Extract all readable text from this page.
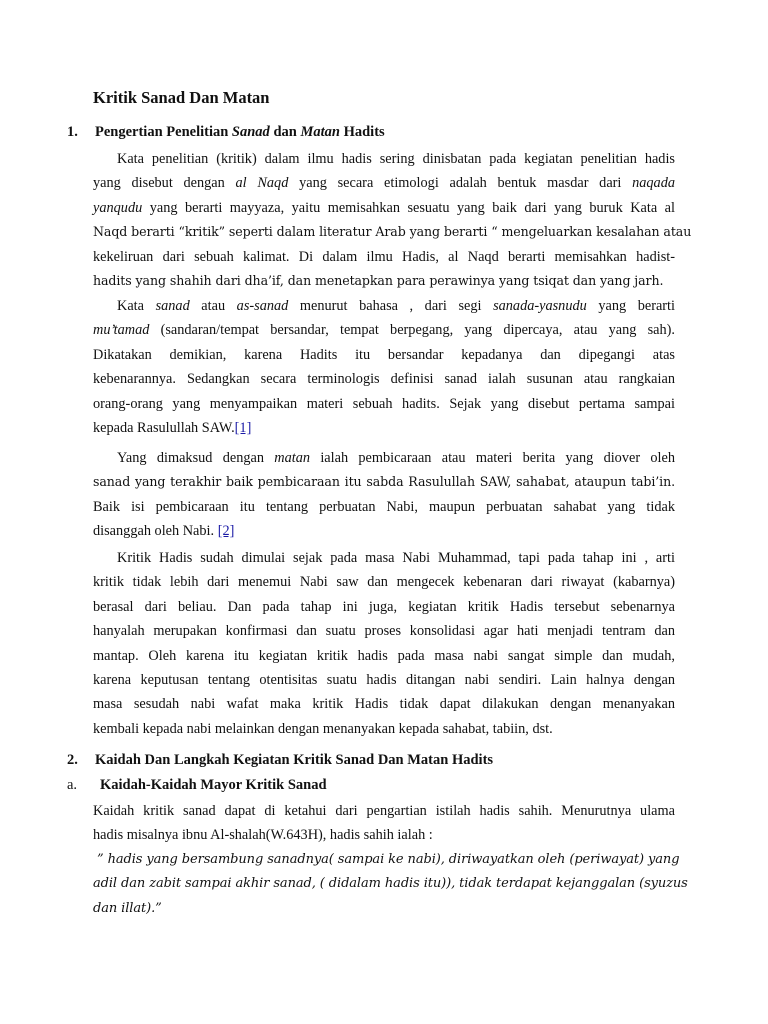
Kritik Sanad Dan Matan
1. Pengertian Penelitian Sanad dan Matan Hadits
Kata penelitian (kritik) dalam ilmu hadis sering dinisbatan pada kegiatan penelitian hadis
yang disebut dengan al Naqd yang secara etimologi adalah bentuk masdar dari naqada
yanqudu yang berarti mayyaza, yaitu memisahkan sesuatu yang baik dari yang buruk Kata al
Naqd berarti “kritik” seperti dalam literatur Arab yang berarti “ mengeluarkan kesalahan atau
kekeliruan dari sebuah kalimat. Di dalam ilmu Hadis, al Naqd berarti memisahkan hadist-
hadits yang shahih dari dha’if, dan menetapkan para perawinya yang tsiqat dan yang jarh.
Kata sanad atau as-sanad menurut bahasa , dari segi sanada-yasnudu yang berarti
mu’tamad (sandaran/tempat bersandar, tempat berpegang, yang dipercaya, atau yang sah).
Dikatakan demikian, karena Hadits itu bersandar kepadanya dan dipegangi atas
kebenarannya. Sedangkan secara terminologis definisi sanad ialah susunan atau rangkaian
orang-orang yang menyampaikan materi sebuah hadits. Sejak yang disebut pertama sampai
kepada Rasulullah SAW.[1]
Yang dimaksud dengan matan ialah pembicaraan atau materi berita yang diover oleh
sanad yang terakhir baik pembicaraan itu sabda Rasulullah SAW, sahabat, ataupun tabi’in.
Baik isi pembicaraan itu tentang perbuatan Nabi, maupun perbuatan sahabat yang tidak
disanggah oleh Nabi. [2]
Kritik Hadis sudah dimulai sejak pada masa Nabi Muhammad, tapi pada tahap ini , arti
kritik tidak lebih dari menemui Nabi saw dan mengecek kebenaran dari riwayat (kabarnya)
berasal dari beliau. Dan pada tahap ini juga, kegiatan kritik Hadis tersebut sebenarnya
hanyalah merupakan konfirmasi dan suatu proses konsolidasi agar hati menjadi tentram dan
mantap. Oleh karena itu kegiatan kritik hadis pada masa nabi sangat simple dan mudah,
karena keputusan tentang otentisitas suatu hadis ditangan nabi sendiri. Lain halnya dengan
masa sesudah nabi wafat maka kritik Hadis tidak dapat dilakukan dengan menanyakan
kembali kepada nabi melainkan dengan menanyakan kepada sahabat, tabiin, dst.
2. Kaidah Dan Langkah Kegiatan Kritik Sanad Dan Matan Hadits
a. Kaidah-Kaidah Mayor Kritik Sanad
Kaidah kritik sanad dapat di ketahui dari pengartian istilah hadis sahih. Menurutnya ulama
hadis misalnya ibnu Al-shalah(W.643H), hadis sahih ialah :
” hadis yang bersambung sanadnya( sampai ke nabi), diriwayatkan oleh (periwayat) yang
adil dan zabit sampai akhir sanad, ( didalam hadis itu)), tidak terdapat kejanggalan (syuzus
dan illat).”
